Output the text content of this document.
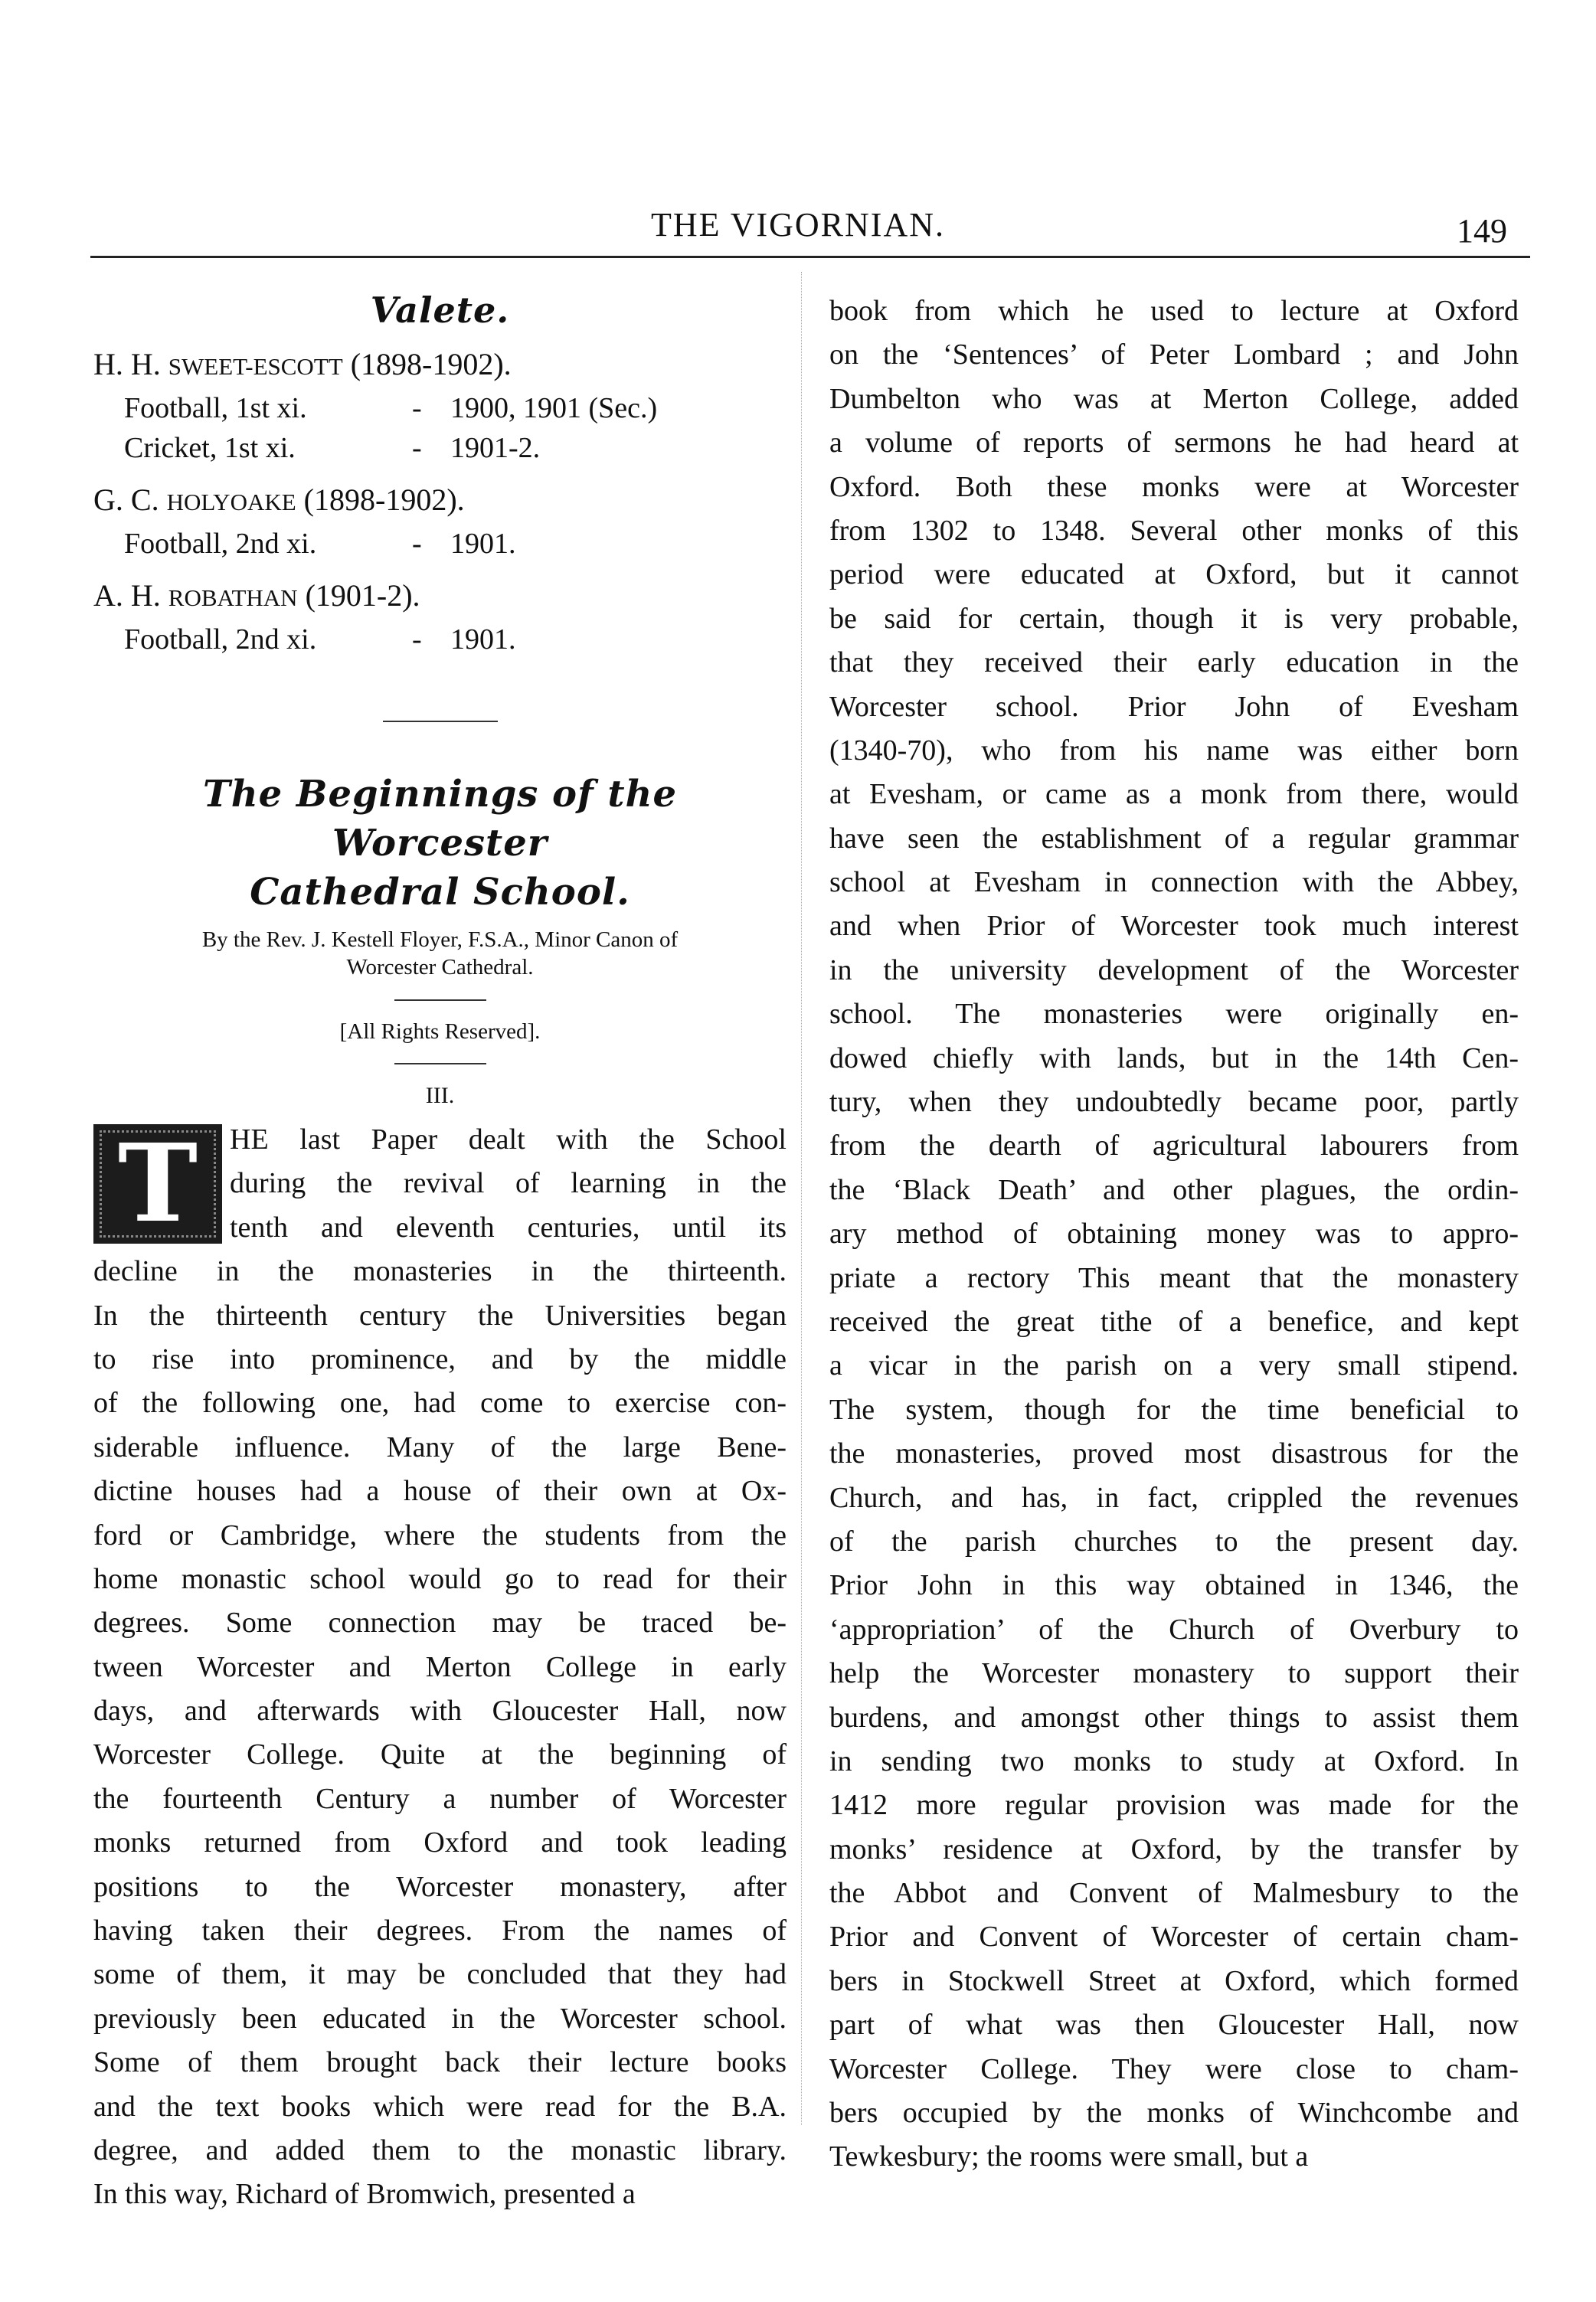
THE VIGORNIAN.	149
Valete.
H. H. SWEET-ESCOTT (1898-1902).
Football, 1st xi.	- 1900, 1901 (Sec.)
Cricket, 1st xi.	- 1901-2.
G. C. HOLYOAKE (1898-1902).
Football, 2nd xi.	- 1901.
A. H. ROBATHAN (1901-2).
Football, 2nd xi.	- 1901.
The Beginnings of the Worcester
Cathedral School.
By the Rev. J. Kestell Floyer, F.S.A., Minor Canon of
Worcester Cathedral.
[All Rights Reserved].
III.
T	HE last Paper dealt with the School
during the revival of learning in the
tenth and eleventh centuries, until its
decline in the monasteries in the thirteenth.
In the thirteenth century the Universities began
to rise into prominence, and by the middle
of the following one, had come to exercise con-
siderable influence. Many of the large Bene-
dictine houses had a house of their own at Ox-
ford or Cambridge, where the students from the
home monastic school would go to read for their
degrees. Some connection may be traced be-
tween Worcester and Merton College in early
days, and afterwards with Gloucester Hall, now
Worcester College. Quite at the beginning of
the fourteenth Century a number of Worcester
monks returned from Oxford and took leading
positions to the Worcester monastery, after
having taken their degrees. From the names of
some of them, it may be concluded that they had
previously been educated in the Worcester school.
Some of them brought back their lecture books
and the text books which were read for the B.A.
degree, and added them to the monastic library.
In this way, Richard of Bromwich, presented a
book from which he used to lecture at Oxford
on the ‘Sentences’ of Peter Lombard ; and John
Dumbelton who was at Merton College, added
a volume of reports of sermons he had heard at
Oxford. Both these monks were at Worcester
from 1302 to 1348. Several other monks of this
period were educated at Oxford, but it cannot
be said for certain, though it is very probable,
that they received their early education in the
Worcester school. Prior John of Evesham
(1340-70), who from his name was either born
at Evesham, or came as a monk from there, would
have seen the establishment of a regular grammar
school at Evesham in connection with the Abbey,
and when Prior of Worcester took much interest
in the university development of the Worcester
school. The monasteries were originally en-
dowed chiefly with lands, but in the 14th Cen-
tury, when they undoubtedly became poor, partly
from the dearth of agricultural labourers from
the ‘Black Death’ and other plagues, the ordin-
ary method of obtaining money was to appro-
priate a rectory This meant that the monastery
received the great tithe of a benefice, and kept
a vicar in the parish on a very small stipend.
The system, though for the time beneficial to
the monasteries, proved most disastrous for the
Church, and has, in fact, crippled the revenues
of the parish churches to the present day.
Prior John in this way obtained in 1346, the
‘appropriation’ of the Church of Overbury to
help the Worcester monastery to support their
burdens, and amongst other things to assist them
in sending two monks to study at Oxford. In
1412 more regular provision was made for the
monks’ residence at Oxford, by the transfer by
the Abbot and Convent of Malmesbury to the
Prior and Convent of Worcester of certain cham-
bers in Stockwell Street at Oxford, which formed
part of what was then Gloucester Hall, now
Worcester College. They were close to cham-
bers occupied by the monks of Winchcombe and
Tewkesbury; the rooms were small, but a
